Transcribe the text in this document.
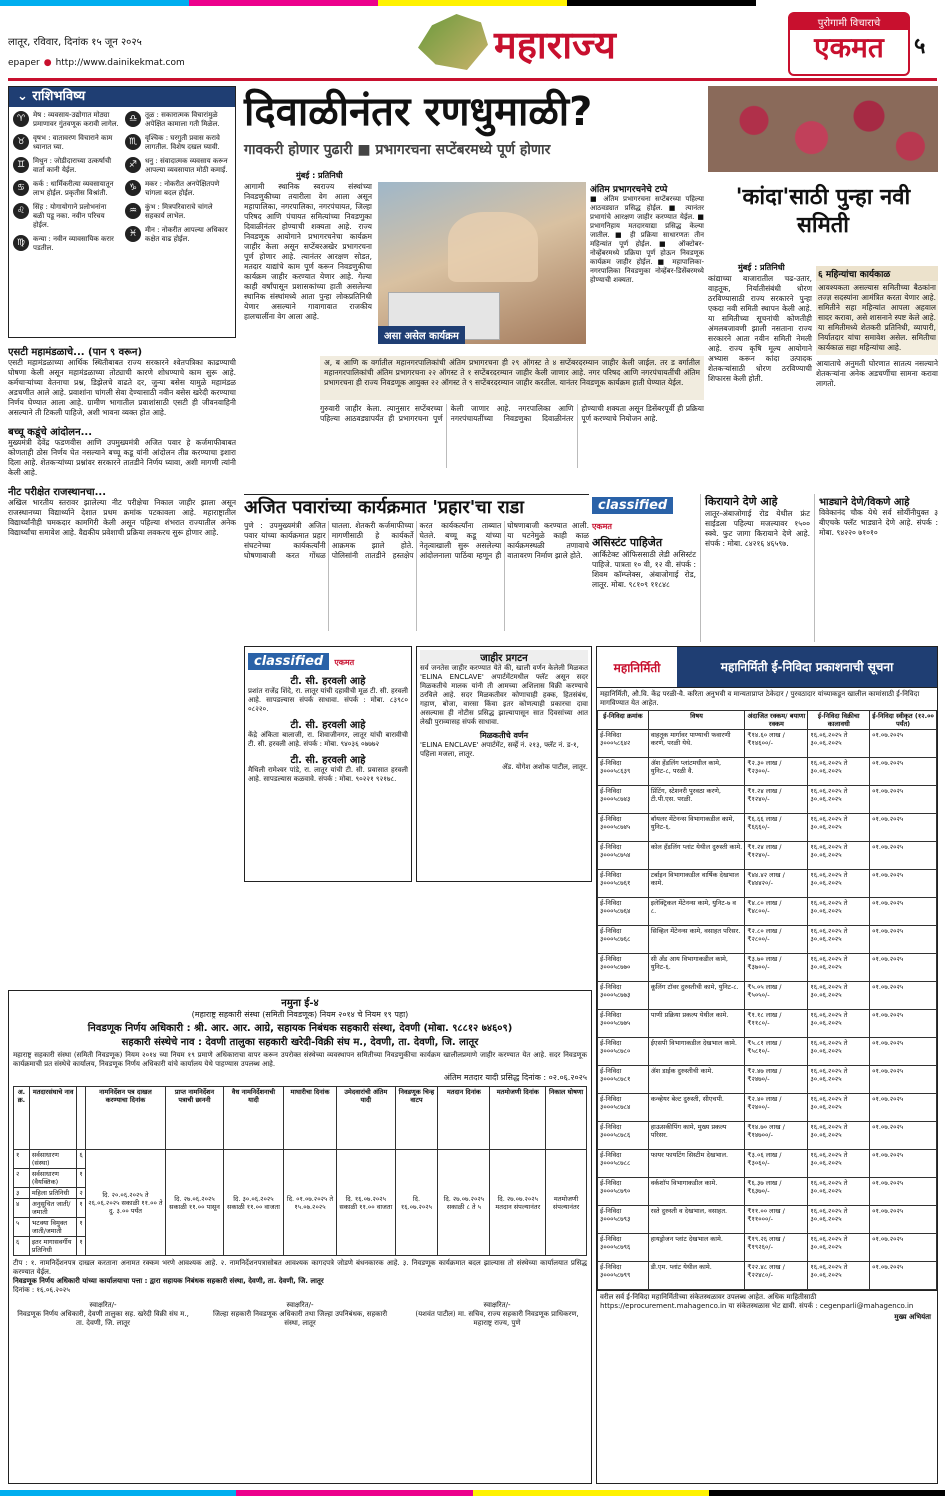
लातूर, रविवार, दिनांक १५ जून २०२५
epaper ● http://www.dainikekmat.com	महाराज्य	पुरोगामी विचाराचे
एकमत	५
⌄ राशिभविष्य
♈	मेष : व्यवसाय-उद्योगात मोठ्या प्रमाणावर गुंतवणूक करावी लागेल.
♉	वृषभ : वातावरण विचाराने काम ध्यानात घ्या.
♊	मिथुन : जोडीदाराच्या उत्कर्षाची वार्ता कानी येईल.
♋	कर्क : धार्मिकरीत्या व्यवसायातून लाभ होईल. प्रकृतीस विश्रांती.
♌	सिंह : योगायोगाने प्रलोभनांना बळी पडू नका. नवीन परिचय होईल.
♍	कन्या : नवीन व्यावसायिक करार पडतील.
♎	तूळ : सकारात्मक विचारांमुळे अपेक्षित कामाला गती मिळेल.
♏	वृश्चिक : घरगुती प्रवास करावे लागतील. विशेष दखल घ्यावी.
♐	धनु : संवादात्मक व्यवसाय करून आपल्या व्यवसायात मोठी कमाई.
♑	मकर : नोकरीत अनपेक्षितपणे चांगला बदल होईल.
♒	कुंभ : मित्रपरिवाराचे चांगले सहकार्य लाभेल.
♓	मीन : नोकरीत आपल्या अधिकार कक्षेत वाढ होईल.
दिवाळीनंतर रणधुमाळी?
गावकरी होणार पुढारी ■ प्रभागरचना सप्टेंबरमध्ये पूर्ण होणार
मुंबई : प्रतिनिधी
आगामी स्थानिक स्वराज्य संस्थांच्या निवडणुकीच्या तयारीला वेग आला असून महापालिका, नगरपालिका, नगरपंचायत, जिल्हा परिषद आणि पंचायत समित्यांच्या निवडणुका दिवाळीनंतर होण्याची शक्यता आहे. राज्य निवडणूक आयोगाने प्रभागरचनेचा कार्यक्रम जाहीर केला असून सप्टेंबरअखेर प्रभागरचना पूर्ण होणार आहे. त्यानंतर आरक्षण सोडत, मतदार याद्यांचे काम पूर्ण करून निवडणुकीचा कार्यक्रम जाहीर करण्यात येणार आहे. गेल्या काही वर्षांपासून प्रशासकांच्या हाती असलेल्या स्थानिक संस्थांमध्ये आता पुन्हा लोकप्रतिनिधी येणार असल्याने गावागावात राजकीय हालचालींना वेग आला आहे.
असा असेल कार्यक्रम
अंतिम प्रभागरचनेचे टप्पे
■ अंतिम प्रभागरचना सप्टेंबरच्या पहिल्या आठवड्यात प्रसिद्ध होईल. ■ त्यानंतर प्रभागांचे आरक्षण जाहीर करण्यात येईल. ■ प्रभागनिहाय मतदारयाद्या प्रसिद्ध केल्या जातील. ■ ही प्रक्रिया साधारणतः तीन महिन्यांत पूर्ण होईल. ■ ऑक्टोबर-नोव्हेंबरमध्ये प्रक्रिया पूर्ण होऊन निवडणूक कार्यक्रम जाहीर होईल. ■ महापालिका-नगरपालिका निवडणुका नोव्हेंबर-डिसेंबरमध्ये होण्याची शक्यता.
अ, ब आणि क वर्गातील महानगरपालिकांची अंतिम प्रभागरचना ही २९ ऑगस्ट ते ४ सप्टेंबरदरम्यान जाहीर केली जाईल. तर ड वर्गातील महानगरपालिकांची अंतिम प्रभागरचना २२ ऑगस्ट ते १ सप्टेंबरदरम्यान जाहीर केली जाणार आहे. नगर परिषद आणि नगरपंचायतींची अंतिम प्रभागरचना ही राज्य निवडणूक आयुक्त २२ ऑगस्ट ते ९ सप्टेंबरदरम्यान जाहीर करतील. यानंतर निवडणूक कार्यक्रम हाती घेण्यात येईल.
गुरुवारी जाहीर केला. त्यानुसार सप्टेंबरच्या पहिल्या आठवड्यापर्यंत ही प्रभागरचना पूर्ण केली जाणार आहे. नगरपालिका आणि नगरपंचायतींच्या निवडणुका दिवाळीनंतर होण्याची शक्यता असून डिसेंबरपूर्वी ही प्रक्रिया पूर्ण करण्याचे नियोजन आहे.
'कांदा'साठी पुन्हा नवी समिती
मुंबई : प्रतिनिधी
कांद्याच्या बाजारातील चढ-उतार, वाहतूक, निर्यातीसंबंधी धोरण ठरविण्यासाठी राज्य सरकारने पुन्हा एकदा नवी समिती स्थापन केली आहे. या समितीच्या सूचनांची कोणतीही अंमलबजावणी झाली नसताना राज्य सरकारने आता नवीन समिती नेमली आहे. राज्य कृषि मूल्य आयोगाने अभ्यास करून कांदा उत्पादक शेतकऱ्यांसाठी धोरण ठरविण्याची शिफारस केली होती.
६ महिन्यांचा कार्यकाळ
आवश्यकता असल्यास समितीच्या बैठकांना तज्ज्ञ सदस्यांना आमंत्रित करता येणार आहे. समितीने सहा महिन्यांत आपला अहवाल सादर करावा, असे शासनाने स्पष्ट केले आहे. या समितीमध्ये शेतकरी प्रतिनिधी, व्यापारी, निर्यातदार यांचा समावेश असेल. समितीचा कार्यकाळ सहा महिन्यांचा आहे.
आयाताचे अनुमती घोरणात सातत्य नसल्याने शेतकऱ्यांना अनेक अडचणींचा सामना करावा लागतो.
एसटी महामंडळाचे... (पान ९ वरून)
एसटी महामंडळाच्या आर्थिक स्थितीबाबत राज्य सरकारने श्वेतपत्रिका काढण्याची घोषणा केली असून महामंडळाच्या तोट्याची कारणे शोधण्याचे काम सुरू आहे. कर्मचाऱ्यांच्या वेतनाचा प्रश्न, डिझेलचे वाढते दर, जुन्या बसेस यामुळे महामंडळ अडचणीत आले आहे. प्रवाशांना चांगली सेवा देण्यासाठी नवीन बसेस खरेदी करण्याचा निर्णय घेण्यात आला आहे. ग्रामीण भागातील प्रवाशांसाठी एसटी ही जीवनवाहिनी असल्याने ती टिकली पाहिजे, अशी भावना व्यक्त होत आहे.
बच्चू कडूंचे आंदोलन...
मुख्यमंत्री देवेंद्र फडणवीस आणि उपमुख्यमंत्री अजित पवार हे कर्जमाफीबाबत कोणताही ठोस निर्णय घेत नसल्याने बच्चू कडू यांनी आंदोलन तीव्र करण्याचा इशारा दिला आहे. शेतकऱ्यांच्या प्रश्नांवर सरकारने तातडीने निर्णय घ्यावा, अशी मागणी त्यांनी केली आहे.
नीट परीक्षेत राजस्थानचा...
अखिल भारतीय स्तरावर झालेल्या नीट परीक्षेचा निकाल जाहीर झाला असून राजस्थानच्या विद्यार्थ्याने देशात प्रथम क्रमांक पटकावला आहे. महाराष्ट्रातील विद्यार्थ्यांनीही चमकदार कामगिरी केली असून पहिल्या शंभरात राज्यातील अनेक विद्यार्थ्यांचा समावेश आहे. वैद्यकीय प्रवेशाची प्रक्रिया लवकरच सुरू होणार आहे.
अजित पवारांच्या कार्यक्रमात 'प्रहार'चा राडा
पुणे : उपमुख्यमंत्री अजित पवार यांच्या कार्यक्रमात प्रहार संघटनेच्या कार्यकर्त्यांनी घोषणाबाजी करत गोंधळ घातला. शेतकरी कर्जमाफीच्या मागणीसाठी हे कार्यकर्ते आक्रमक झाले होते. पोलिसांनी तातडीने हस्तक्षेप करत कार्यकर्त्यांना ताब्यात घेतले. बच्चू कडू यांच्या नेतृत्वाखाली सुरू असलेल्या आंदोलनाला पाठिंबा म्हणून ही घोषणाबाजी करण्यात आली. या घटनेमुळे काही काळ कार्यक्रमस्थळी तणावाचे वातावरण निर्माण झाले होते.
classified एकमत
असिस्टंट पाहिजेत
आर्किटेक्ट ऑफिससाठी लेडी असिस्टंट पाहिजे. पात्रता १० वी, १२ वी. संपर्क : शिवम कॉम्प्लेक्स, अंबाजोगाई रोड, लातूर. मोबा. ९८१०९ ११८४८
किरायाने देणे आहे
लातूर-अंबाजोगाई रोड येथील फ्रंट साईडला पहिल्या मजल्यावर १५०० स्क्वे. फुट जागा किरायाने देणे आहे. संपर्क : मोबा. ८४२१६ ४६५९७.
भाड्याने देणे/विकणे आहे
विवेकानंद चौक येथे सर्व सोयींनीयुक्त ३ बीएचके फ्लॅट भाड्याने देणे आहे. संपर्क : मोबा. ९४२२० ७१०१०
classified एकमत
टी. सी. हरवली आहे
प्रशांत राजेंद्र शिंदे, रा. लातूर यांची दहावीची मूळ टी. सी. हरवली आहे. सापडल्यास संपर्क साधावा. संपर्क : मोबा. ८३९८० ०८२२०.
टी. सी. हरवली आहे
केंद्रे अंकिता बालाजी, रा. शिवाजीनगर, लातूर यांची बारावीची टी. सी. हरवली आहे. संपर्क : मोबा. ९४०३६ ०७७७२
टी. सी. हरवली आहे
मैथिली रामेश्वर पांडे, रा. लातूर यांची टी. सी. प्रवासात हरवली आहे. सापडल्यास कळवावे. संपर्क : मोबा. ९०२२१ ९२१७८.
जाहीर प्रगटन
सर्व जनतेस जाहीर करण्यात येते की, खाली वर्णन केलेली मिळकत 'ELINA ENCLAVE' अपार्टमेंटमधील फ्लॅट असून सदर मिळकतीचे मालक यांनी ती आमच्या अशिलास विक्री करण्याचे ठरविले आहे. सदर मिळकतीवर कोणाचाही हक्क, हितसंबंध, गहाण, बोजा, वारसा किंवा इतर कोणत्याही प्रकारचा दावा असल्यास ही नोटीस प्रसिद्ध झाल्यापासून सात दिवसांच्या आत लेखी पुराव्यासह संपर्क साधावा.
मिळकतीचे वर्णन
'ELINA ENCLAVE' अपार्टमेंट, सर्व्हे नं. २१३, फ्लॅट नं. ड-१, पहिला मजला, लातूर.
ॲड. योगेश अशोक पाटील, लातूर.
महानिर्मिती	महानिर्मिती ई-निविदा प्रकाशनाची सूचना
महानिर्मिती, औ.वि. केंद्र परळी-वै. करिता अनुभवी व मान्यताप्राप्त ठेकेदार / पुरवठादार यांच्याकडून खालील कामांसाठी ई-निविदा मागविण्यात येत आहेत.
ई-निविदा क्रमांक	विषय	अंदाजित रक्कम/ बयाणा रक्कम	ई-निविदा विक्रीचा कालावधी	ई-निविदा स्वीकृत (१२.०० पर्यंत)
ई-निविदा ३०००५८६४२	वाहतूक मार्गावर पाण्याची फवारणी करणे, परळी येथे.	₹१४.६० लाख / ₹१४६००/-	१६.०६.२०२५ ते ३०.०६.२०२५	०१.०७.२०२५
ई-निविदा ३०००५८६३९	ॲश हँडलिंग प्लांटमधील कामे, युनिट-८, परळी वै.	₹२.३० लाख / ₹२३००/-	१६.०६.२०२५ ते ३०.०६.२०२५	०१.०७.२०२५
ई-निविदा ३०००५८७४३	प्रिंटिंग, स्टेशनरी पुरवठा करणे, टी.पी.एस. परळी.	₹१.२४ लाख / ₹१२४०/-	१६.०६.२०२५ ते ३०.०६.२०२५	०१.०७.२०२५
ई-निविदा ३०००५८७४५	बॉयलर मेंटेनन्स विभागाकडील कामे, युनिट-६.	₹६.६६ लाख / ₹६६६०/-	१६.०६.२०२५ ते ३०.०६.२०२५	०१.०७.२०२५
ई-निविदा ३०००५८७५४	कोल हँडलिंग प्लांट येथील दुरुस्ती कामे.	₹१.२४ लाख / ₹१२४०/-	१६.०६.२०२५ ते ३०.०६.२०२५	०१.०७.२०२५
ई-निविदा ३०००५८७६१	टर्बाइन विभागाकडील वार्षिक देखभाल कामे.	₹४४.४२ लाख / ₹४४४२०/-	१६.०६.२०२५ ते ३०.०६.२०२५	०१.०७.२०२५
ई-निविदा ३०००५८७६४	इलेक्ट्रिकल मेंटेनन्स कामे, युनिट-७ व ८.	₹४.८० लाख / ₹४८००/-	१६.०६.२०२५ ते ३०.०६.२०२५	०१.०७.२०२५
ई-निविदा ३०००५८७६८	सिव्हिल मेंटेनन्स कामे, वसाहत परिसर.	₹२.८० लाख / ₹२८००/-	१६.०६.२०२५ ते ३०.०६.२०२५	०१.०७.२०२५
ई-निविदा ३०००५८७७०	सी अँड आय विभागाकडील कामे, युनिट-६.	₹३.७० लाख / ₹३७००/-	१६.०६.२०२५ ते ३०.०६.२०२५	०१.०७.२०२५
ई-निविदा ३०००५८७७३	कूलिंग टॉवर दुरुस्तीची कामे, युनिट-८.	₹५.०५ लाख / ₹५०५०/-	१६.०६.२०२५ ते ३०.०६.२०२५	०१.०७.२०२५
ई-निविदा ३०००५८७७५	पाणी प्रक्रिया प्रकल्प येथील कामे.	₹१.१८ लाख / ₹११८०/-	१६.०६.२०२५ ते ३०.०६.२०२५	०१.०७.२०२५
ई-निविदा ३०००५८७८०	ईएसपी विभागाकडील देखभाल कामे.	₹५.८१ लाख / ₹५८१०/-	१६.०६.२०२५ ते ३०.०६.२०२५	०१.०७.२०२५
ई-निविदा ३०००५८७८१	ॲश डाईक दुरुस्तीची कामे.	₹२.४७ लाख / ₹२४७०/-	१६.०६.२०२५ ते ३०.०६.२०२५	०१.०७.२०२५
ई-निविदा ३०००५८७८४	कन्व्हेयर बेल्ट दुरुस्ती, सीएचपी.	₹२.४० लाख / ₹२४००/-	१६.०६.२०२५ ते ३०.०६.२०२५	०१.०७.२०२५
ई-निविदा ३०००५८७८६	हाऊसकीपिंग कामे, मुख्य प्रकल्प परिसर.	₹१४.७० लाख / ₹१४७००/-	१६.०६.२०२५ ते ३०.०६.२०२५	०१.०७.२०२५
ई-निविदा ३०००५८७८८	फायर फायटिंग सिस्टीम देखभाल.	₹३.०६ लाख / ₹३०६०/-	१६.०६.२०२५ ते ३०.०६.२०२५	०१.०७.२०२५
ई-निविदा ३०००५८७९०	वर्कशॉप विभागाकडील कामे.	₹६.३७ लाख / ₹६३७०/-	१६.०६.२०२५ ते ३०.०६.२०२५	०१.०७.२०२५
ई-निविदा ३०००५८७९३	रस्ते दुरुस्ती व देखभाल, वसाहत.	₹११.०० लाख / ₹११०००/-	१६.०६.२०२५ ते ३०.०६.२०२५	०१.०७.२०२५
ई-निविदा ३०००५८७९६	हायड्रोजन प्लांट देखभाल कामे.	₹१९.२६ लाख / ₹१९२६०/-	१६.०६.२०२५ ते ३०.०६.२०२५	०१.०७.२०२५
ई-निविदा ३०००५८७९९	डी.एम. प्लांट येथील कामे.	₹२२.४८ लाख / ₹२२४८०/-	१६.०६.२०२५ ते ३०.०६.२०२५	०१.०७.२०२५
वरील सर्व ई-निविदा महानिर्मितीच्या संकेतस्थळावर उपलब्ध आहेत. अधिक माहितीसाठी https://eprocurement.mahagenco.in या संकेतस्थळास भेट द्यावी. संपर्क : cegenparli@mahagenco.in
मुख्य अभियंता
नमुना ई-४
(महाराष्ट्र सहकारी संस्था (समिती निवडणूक) नियम २०१४ चे नियम १९ पहा)
निवडणूक निर्णय अधिकारी : श्री. आर. आर. आग्रे, सहायक निबंधक सहकारी संस्था, देवणी (मोबा. ९८८१२ ७४६०९)
सहकारी संस्थेचे नाव : देवणी तालुका सहकारी खरेदी-विक्री संघ म., देवणी, ता. देवणी, जि. लातूर
महाराष्ट्र सहकारी संस्था (समिती निवडणूक) नियम २०१४ च्या नियम १९ प्रमाणे अधिकाराचा वापर करून उपरोक्त संस्थेच्या व्यवस्थापन समितीच्या निवडणुकीचा कार्यक्रम खालीलप्रमाणे जाहीर करण्यात येत आहे. सदर निवडणूक कार्यक्रमाची प्रत संस्थेचे कार्यालय, निवडणूक निर्णय अधिकारी यांचे कार्यालय येथे पाहण्यास उपलब्ध आहे.
अंतिम मतदार यादी प्रसिद्ध दिनांक : ०२.०६.२०२५
अ. क्र.	मतदारसंघाचे नाव		नामनिर्देशन पत्र दाखल करण्याचा दिनांक	प्राप्त नामनिर्देशन पत्राची छाननी	वैध नामनिर्देशनाची यादी	माघारीचा दिनांक	उमेदवारांची अंतिम यादी	निवडणूक चिन्ह वाटप	मतदान दिनांक	मतमोजणी दिनांक	निकाल घोषणा
१	सर्वसाधारण (संस्था)	६	दि. २०.०६.२०२५ ते २६.०६.२०२५ सकाळी ११.०० ते दु. ३.०० पर्यंत	दि. २७.०६.२०२५ सकाळी ११.०० पासून	दि. ३०.०६.२०२५ सकाळी ११.०० वाजता	दि. ०१.०७.२०२५ ते १५.०७.२०२५	दि. १६.०७.२०२५ सकाळी ११.०० वाजता	दि. १६.०७.२०२५	दि. २७.०७.२०२५ सकाळी ८ ते ५	दि. २७.०७.२०२५ मतदान संपल्यानंतर	मतमोजणी संपल्यानंतर
२	सर्वसाधारण (वैयक्तिक)	१									
३	महिला प्रतिनिधी	२									
४	अनुसूचित जाती/जमाती	१									
५	भटक्या विमुक्त जाती/जमाती	१									
६	इतर मागासवर्गीय प्रतिनिधी	१									
टीप : १. नामनिर्देशनपत्र दाखल करताना अनामत रक्कम भरणे आवश्यक आहे. २. नामनिर्देशनपत्रासोबत आवश्यक कागदपत्रे जोडणे बंधनकारक आहे. ३. निवडणूक कार्यक्रमात बदल झाल्यास तो संस्थेच्या कार्यालयात प्रसिद्ध करण्यात येईल.
निवडणूक निर्णय अधिकारी यांच्या कार्यालयाचा पत्ता : द्वारा सहायक निबंधक सहकारी संस्था, देवणी, ता. देवणी, जि. लातूर
दिनांक : १६.०६.२०२५
स्वाक्षरित/-
निवडणूक निर्णय अधिकारी, देवणी तालुका सह. खरेदी विक्री संघ म., ता. देवणी, जि. लातूर
स्वाक्षरित/-
जिल्हा सहकारी निवडणूक अधिकारी तथा जिल्हा उपनिबंधक, सहकारी संस्था, लातूर
स्वाक्षरित/-
(यशवंत पाटील) मा. सचिव, राज्य सहकारी निवडणूक प्राधिकरण, महाराष्ट्र राज्य, पुणे
